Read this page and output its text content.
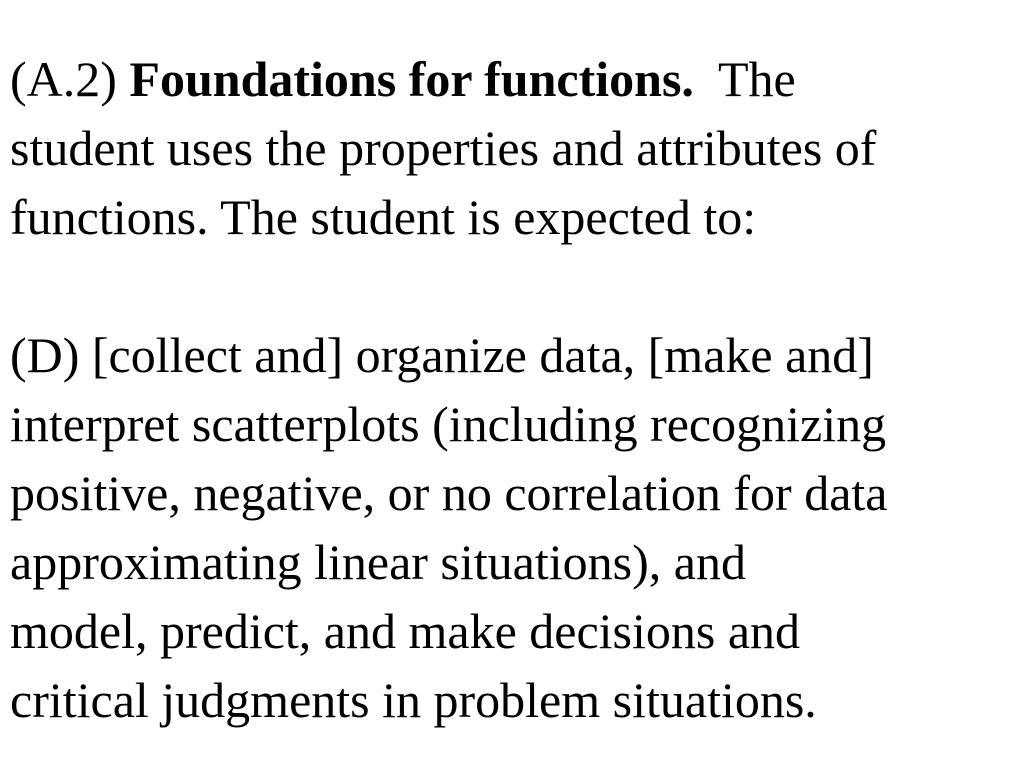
(A.2) Foundations for functions. The
student uses the properties and attributes of
functions. The student is expected to:
(D) [collect and] organize data, [make and]
interpret scatterplots (including recognizing
positive, negative, or no correlation for data
approximating linear situations), and
model, predict, and make decisions and
critical judgments in problem situations.
